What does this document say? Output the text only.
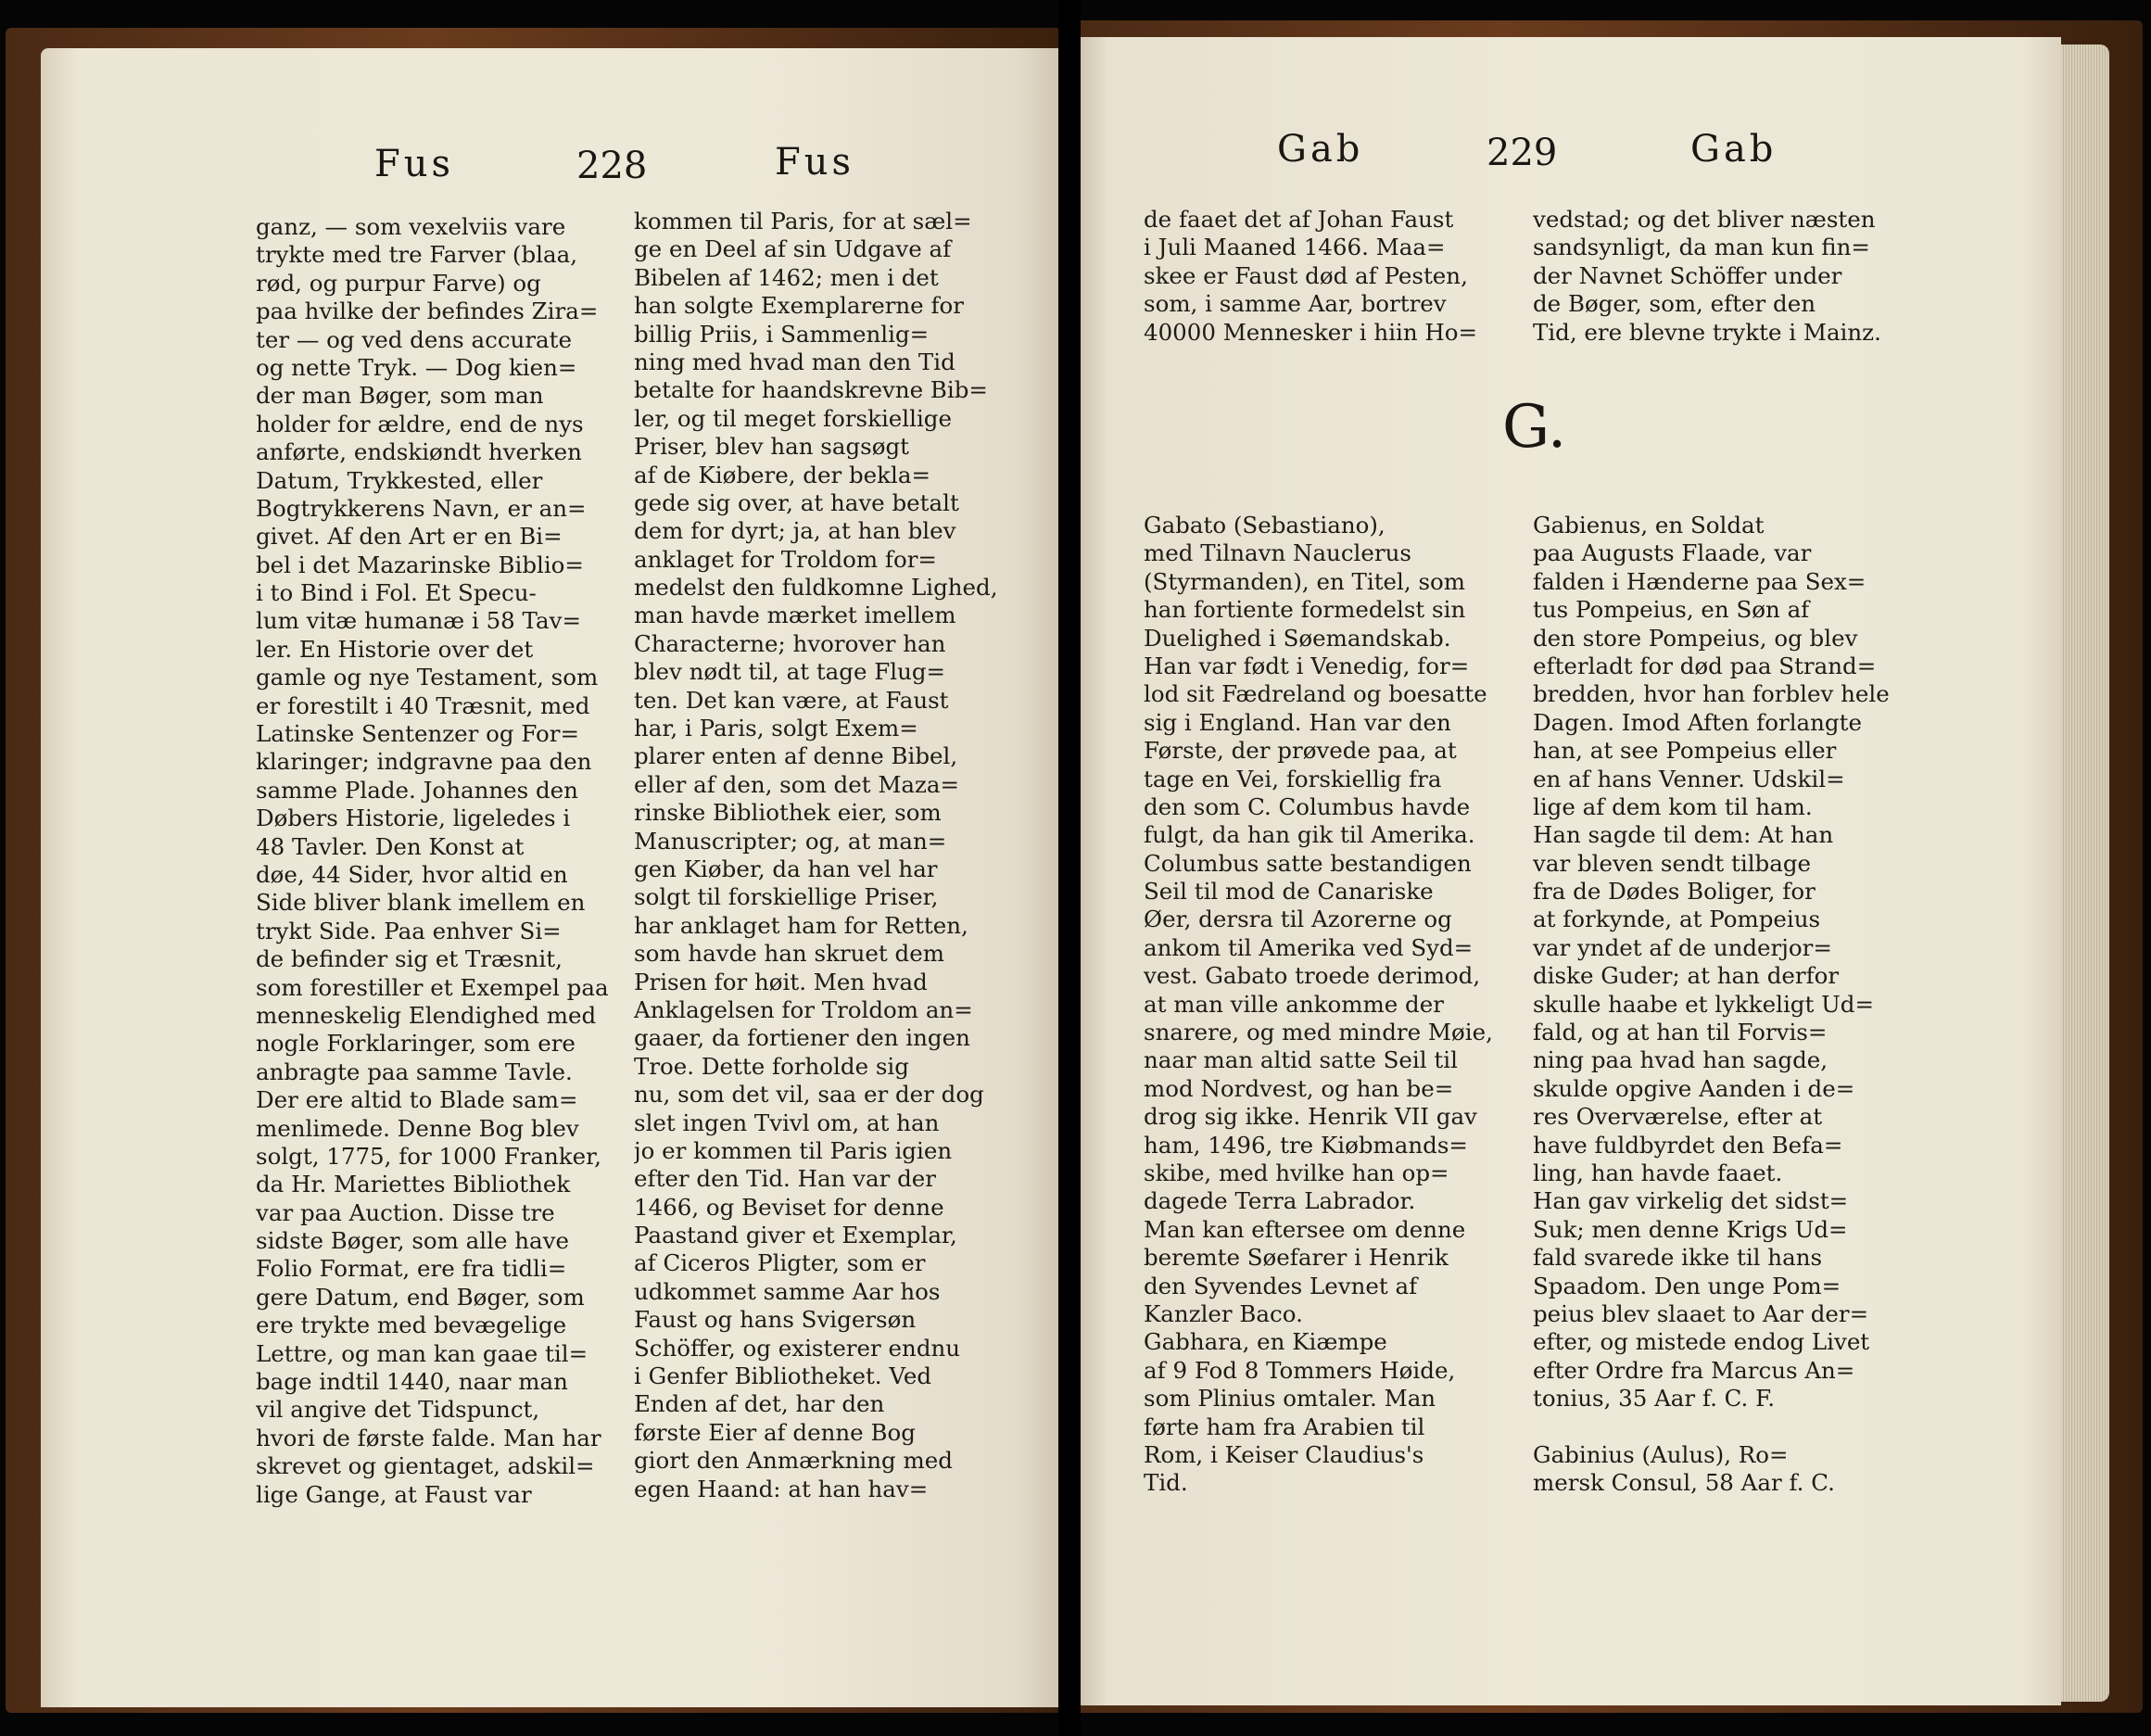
Fus	228	Fus
ganz, — som vexelviis vare
trykte med tre Farver (blaa,
rød, og purpur Farve) og
paa hvilke der befindes Zira=
ter — og ved dens accurate
og nette Tryk. — Dog kien=
der man Bøger, som man
holder for ældre, end de nys
anførte, endskiøndt hverken
Datum, Trykkested, eller
Bogtrykkerens Navn, er an=
givet. Af den Art er en Bi=
bel i det Mazarinske Biblio=
i to Bind i Fol. Et Specu-
lum vitæ humanæ i 58 Tav=
ler. En Historie over det
gamle og nye Testament, som
er forestilt i 40 Træsnit, med
Latinske Sentenzer og For=
klaringer; indgravne paa den
samme Plade. Johannes den
Døbers Historie, ligeledes i
48 Tavler. Den Konst at
døe, 44 Sider, hvor altid en
Side bliver blank imellem en
trykt Side. Paa enhver Si=
de befinder sig et Træsnit,
som forestiller et Exempel paa
menneskelig Elendighed med
nogle Forklaringer, som ere
anbragte paa samme Tavle.
Der ere altid to Blade sam=
menlimede. Denne Bog blev
solgt, 1775, for 1000 Franker,
da Hr. Mariettes Bibliothek
var paa Auction. Disse tre
sidste Bøger, som alle have
Folio Format, ere fra tidli=
gere Datum, end Bøger, som
ere trykte med bevægelige
Lettre, og man kan gaae til=
bage indtil 1440, naar man
vil angive det Tidspunct,
hvori de første falde. Man har
skrevet og gientaget, adskil=
lige Gange, at Faust var
kommen til Paris, for at sæl=
ge en Deel af sin Udgave af
Bibelen af 1462; men i det
han solgte Exemplarerne for
billig Priis, i Sammenlig=
ning med hvad man den Tid
betalte for haandskrevne Bib=
ler, og til meget forskiellige
Priser, blev han sagsøgt
af de Kiøbere, der bekla=
gede sig over, at have betalt
dem for dyrt; ja, at han blev
anklaget for Troldom for=
medelst den fuldkomne Lighed,
man havde mærket imellem
Characterne; hvorover han
blev nødt til, at tage Flug=
ten. Det kan være, at Faust
har, i Paris, solgt Exem=
plarer enten af denne Bibel,
eller af den, som det Maza=
rinske Bibliothek eier, som
Manuscripter; og, at man=
gen Kiøber, da han vel har
solgt til forskiellige Priser,
har anklaget ham for Retten,
som havde han skruet dem
Prisen for høit. Men hvad
Anklagelsen for Troldom an=
gaaer, da fortiener den ingen
Troe. Dette forholde sig
nu, som det vil, saa er der dog
slet ingen Tvivl om, at han
jo er kommen til Paris igien
efter den Tid. Han var der
1466, og Beviset for denne
Paastand giver et Exemplar,
af Ciceros Pligter, som er
udkommet samme Aar hos
Faust og hans Svigersøn
Schöffer, og existerer endnu
i Genfer Bibliotheket. Ved
Enden af det, har den
første Eier af denne Bog
giort den Anmærkning med
egen Haand: at han hav=
Gab	229	Gab
de faaet det af Johan Faust
i Juli Maaned 1466. Maa=
skee er Faust død af Pesten,
som, i samme Aar, bortrev
40000 Mennesker i hiin Ho=
vedstad; og det bliver næsten
sandsynligt, da man kun fin=
der Navnet Schöffer under
de Bøger, som, efter den
Tid, ere blevne trykte i Mainz.
G.
Gabato (Sebastiano),
med Tilnavn Nauclerus
(Styrmanden), en Titel, som
han fortiente formedelst sin
Duelighed i Søemandskab.
Han var født i Venedig, for=
lod sit Fædreland og boesatte
sig i England. Han var den
Første, der prøvede paa, at
tage en Vei, forskiellig fra
den som C. Columbus havde
fulgt, da han gik til Amerika.
Columbus satte bestandigen
Seil til mod de Canariske
Øer, dersra til Azorerne og
ankom til Amerika ved Syd=
vest. Gabato troede derimod,
at man ville ankomme der
snarere, og med mindre Møie,
naar man altid satte Seil til
mod Nordvest, og han be=
drog sig ikke. Henrik VII gav
ham, 1496, tre Kiøbmands=
skibe, med hvilke han op=
dagede Terra Labrador.
Man kan eftersee om denne
beremte Søefarer i Henrik
den Syvendes Levnet af
Kanzler Baco.
Gabhara, en Kiæmpe
af 9 Fod 8 Tommers Høide,
som Plinius omtaler. Man
førte ham fra Arabien til
Rom, i Keiser Claudius's
Tid.
Gabienus, en Soldat
paa Augusts Flaade, var
falden i Hænderne paa Sex=
tus Pompeius, en Søn af
den store Pompeius, og blev
efterladt for død paa Strand=
bredden, hvor han forblev hele
Dagen. Imod Aften forlangte
han, at see Pompeius eller
en af hans Venner. Udskil=
lige af dem kom til ham.
Han sagde til dem: At han
var bleven sendt tilbage
fra de Dødes Boliger, for
at forkynde, at Pompeius
var yndet af de underjor=
diske Guder; at han derfor
skulle haabe et lykkeligt Ud=
fald, og at han til Forvis=
ning paa hvad han sagde,
skulde opgive Aanden i de=
res Overværelse, efter at
have fuldbyrdet den Befa=
ling, han havde faaet.
Han gav virkelig det sidst=
Suk; men denne Krigs Ud=
fald svarede ikke til hans
Spaadom. Den unge Pom=
peius blev slaaet to Aar der=
efter, og mistede endog Livet
efter Ordre fra Marcus An=
tonius, 35 Aar f. C. F.
Gabinius (Aulus), Ro=
mersk Consul, 58 Aar f. C.
